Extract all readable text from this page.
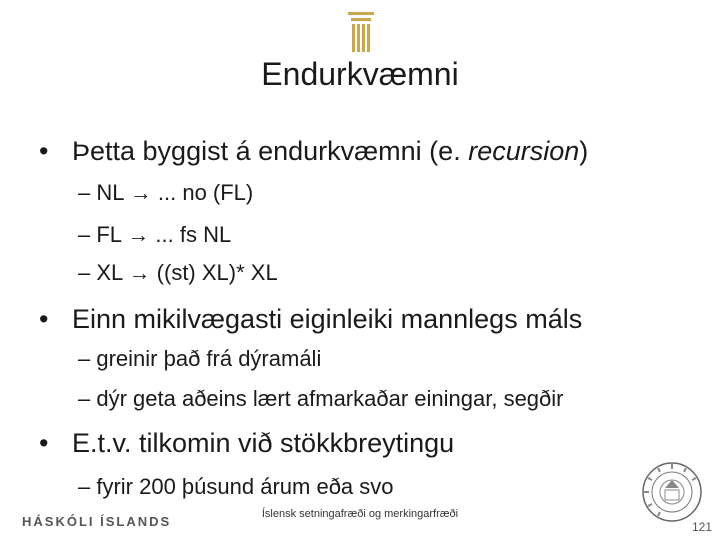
Endurkvæmni
• Þetta byggist á endurkvæmni (e. recursion)
– NL → ... no (FL)
– FL → ... fs NL
– XL → ((st) XL)* XL
• Einn mikilvægasti eiginleiki mannlegs máls
– greinir það frá dýramáli
– dýr geta aðeins lært afmarkaðar einingar, segðir
• E.t.v. tilkomin við stökkbreytingu
– fyrir 200 þúsund árum eða svo
HÁSKÓLI ÍSLANDS	Íslensk setningafræði og merkingarfræði
121
